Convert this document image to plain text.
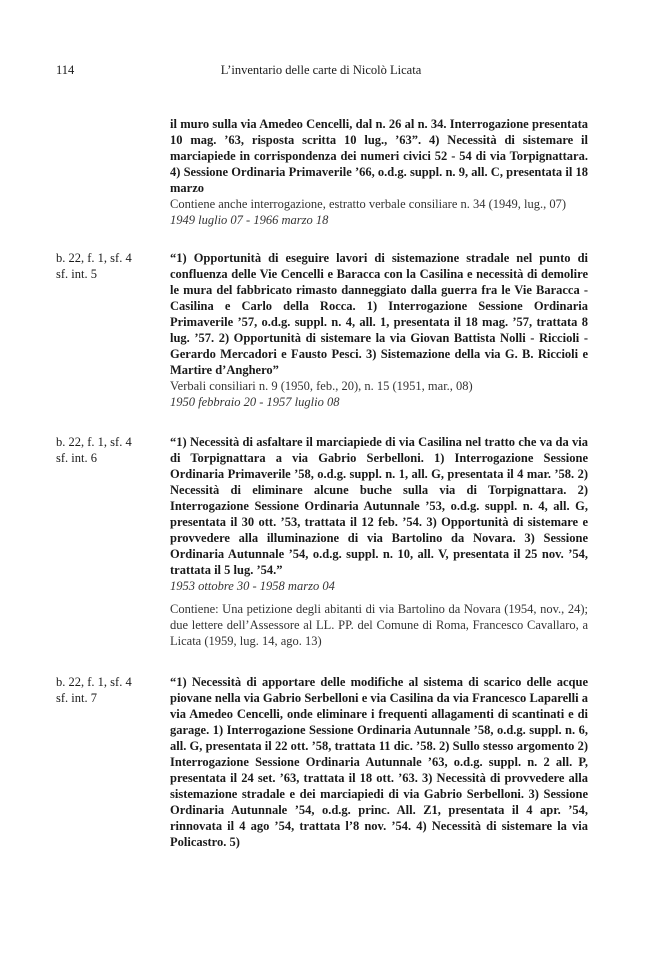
114	L’inventario delle carte di Nicolò Licata

il muro sulla via Amedeo Cencelli, dal n. 26 al n. 34. Interrogazione presentata 10 mag. ’63, risposta scritta 10 lug., ’63”. 4) Necessità di sistemare il marciapiede in corrispondenza dei numeri civici 52 - 54 di via Torpignattara. 4) Sessione Ordinaria Primaverile ’66, o.d.g. suppl. n. 9, all. C, presentata il 18 marzo

Contiene anche interrogazione, estratto verbale consiliare n. 34 (1949, lug., 07)

1949 luglio 07 - 1966 marzo 18

b. 22, f. 1, sf. 4
sf. int. 5

“1) Opportunità di eseguire lavori di sistemazione stradale nel punto di confluenza delle Vie Cencelli e Baracca con la Casilina e necessità di demolire le mura del fabbricato rimasto danneggiato dalla guerra fra le Vie Baracca - Casilina e Carlo della Rocca. 1) Interrogazione Sessione Ordinaria Primaverile ’57, o.d.g. suppl. n. 4, all. 1, presentata il 18 mag. ’57, trattata 8 lug. ’57. 2) Opportunità di sistemare la via Giovan Battista Nolli - Riccioli - Gerardo Mercadori e Fausto Pesci. 3) Sistemazione della via G. B. Riccioli e Martire d’Anghero”

Verbali consiliari n. 9 (1950, feb., 20), n. 15 (1951, mar., 08)

1950 febbraio 20 - 1957 luglio 08

b. 22, f. 1, sf. 4
sf. int. 6

“1) Necessità di asfaltare il marciapiede di via Casilina nel tratto che va da via di Torpignattara a via Gabrio Serbelloni. 1) Interrogazione Sessione Ordinaria Primaverile ’58, o.d.g. suppl. n. 1, all. G, presentata il 4 mar. ’58. 2) Necessità di eliminare alcune buche sulla via di Torpignattara. 2) Interrogazione Sessione Ordinaria Autunnale ’53, o.d.g. suppl. n. 4, all. G, presentata il 30 ott. ’53, trattata il 12 feb. ’54. 3) Opportunità di sistemare e provvedere alla illuminazione di via Bartolino da Novara. 3) Sessione Ordinaria Autunnale ’54, o.d.g. suppl. n. 10, all. V, presentata il 25 nov. ’54, trattata il 5 lug. ’54.”

1953 ottobre 30 - 1958 marzo 04

Contiene: Una petizione degli abitanti di via Bartolino da Novara (1954, nov., 24); due lettere dell’Assessore al LL. PP. del Comune di Roma, Francesco Cavallaro, a Licata (1959, lug. 14, ago. 13)

b. 22, f. 1, sf. 4
sf. int. 7

“1) Necessità di apportare delle modifiche al sistema di scarico delle acque piovane nella via Gabrio Serbelloni e via Casilina da via Francesco Laparelli a via Amedeo Cencelli, onde eliminare i frequenti allagamenti di scantinati e di garage. 1) Interrogazione Sessione Ordinaria Autunnale ’58, o.d.g. suppl. n. 6, all. G, presentata il 22 ott. ’58, trattata 11 dic. ’58. 2) Sullo stesso argomento 2) Interrogazione Sessione Ordinaria Autunnale ’63, o.d.g. suppl. n. 2 all. P, presentata il 24 set. ’63, trattata il 18 ott. ’63. 3) Necessità di provvedere alla sistemazione stradale e dei marciapiedi di via Gabrio Serbelloni. 3) Sessione Ordinaria Autunnale ’54, o.d.g. princ. All. Z1, presentata il 4 apr. ’54, rinnovata il 4 ago ’54, trattata l’8 nov. ’54. 4) Necessità di sistemare la via Policastro. 5)
